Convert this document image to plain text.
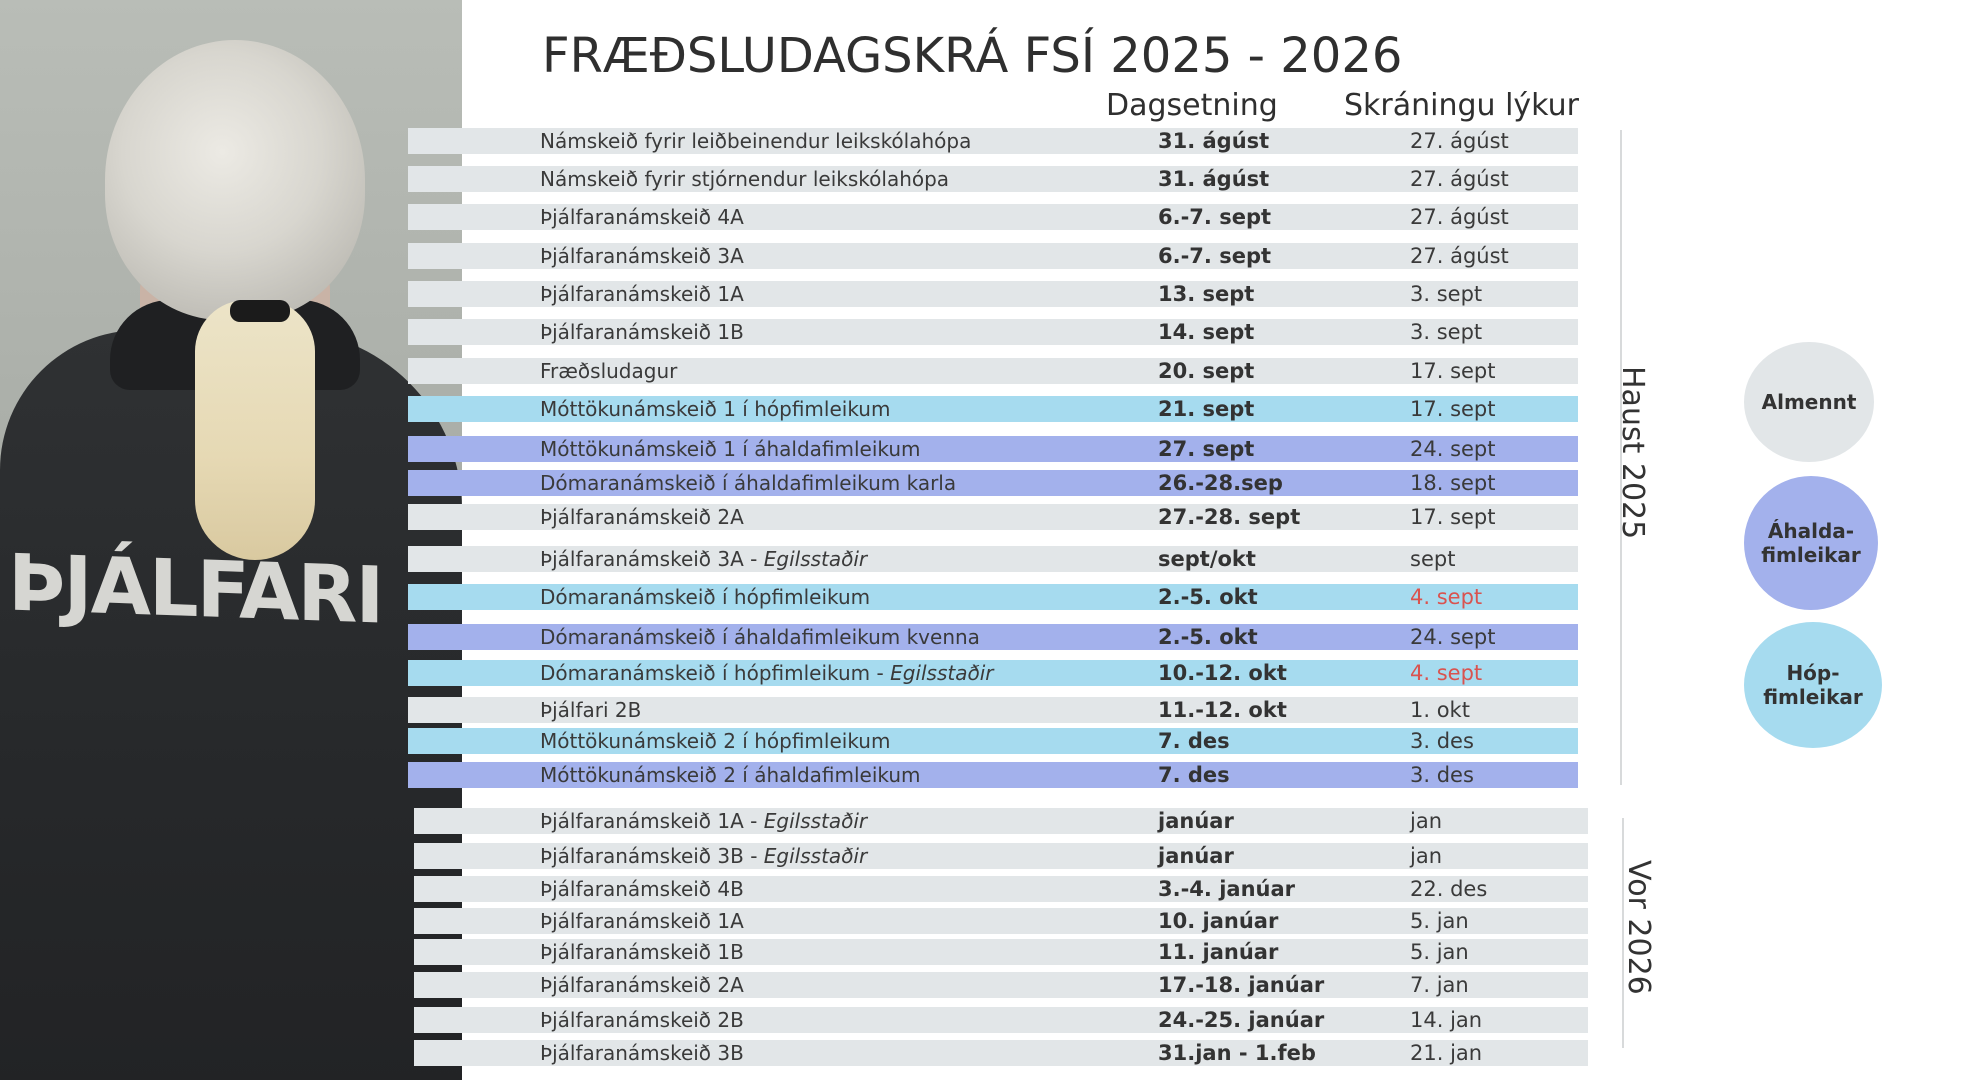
ÞJÁLFARI
FRÆÐSLUDAGSKRÁ FSÍ 2025 - 2026
Dagsetning Skráningu lýkur
Námskeið fyrir leiðbeinendur leikskólahópa	31. ágúst	27. ágúst
Námskeið fyrir stjórnendur leikskólahópa	31. ágúst	27. ágúst
Þjálfaranámskeið 4A	6.-7. sept	27. ágúst
Þjálfaranámskeið 3A	6.-7. sept	27. ágúst
Þjálfaranámskeið 1A	13. sept	3. sept
Þjálfaranámskeið 1B	14. sept	3. sept
Fræðsludagur	20. sept	17. sept
Móttökunámskeið 1 í hópfimleikum	21. sept	17. sept
Móttökunámskeið 1 í áhaldafimleikum	27. sept	24. sept
Dómaranámskeið í áhaldafimleikum karla	26.-28.sep	18. sept
Þjálfaranámskeið 2A	27.-28. sept	17. sept
Þjálfaranámskeið 3A - Egilsstaðir	sept/okt	sept
Dómaranámskeið í hópfimleikum	2.-5. okt	4. sept
Dómaranámskeið í áhaldafimleikum kvenna	2.-5. okt	24. sept
Dómaranámskeið í hópfimleikum - Egilsstaðir	10.-12. okt	4. sept
Þjálfari 2B	11.-12. okt	1. okt
Móttökunámskeið 2 í hópfimleikum	7. des	3. des
Móttökunámskeið 2 í áhaldafimleikum	7. des	3. des
Þjálfaranámskeið 1A - Egilsstaðir	janúar	jan
Þjálfaranámskeið 3B - Egilsstaðir	janúar	jan
Þjálfaranámskeið 4B	3.-4. janúar	22. des
Þjálfaranámskeið 1A	10. janúar	5. jan
Þjálfaranámskeið 1B	11. janúar	5. jan
Þjálfaranámskeið 2A	17.-18. janúar	7. jan
Þjálfaranámskeið 2B	24.-25. janúar	14. jan
Þjálfaranámskeið 3B	31.jan - 1.feb	21. jan
Haust 2025
Vor 2026
Almennt
Áhalda-
fimleikar
Hóp-
fimleikar
